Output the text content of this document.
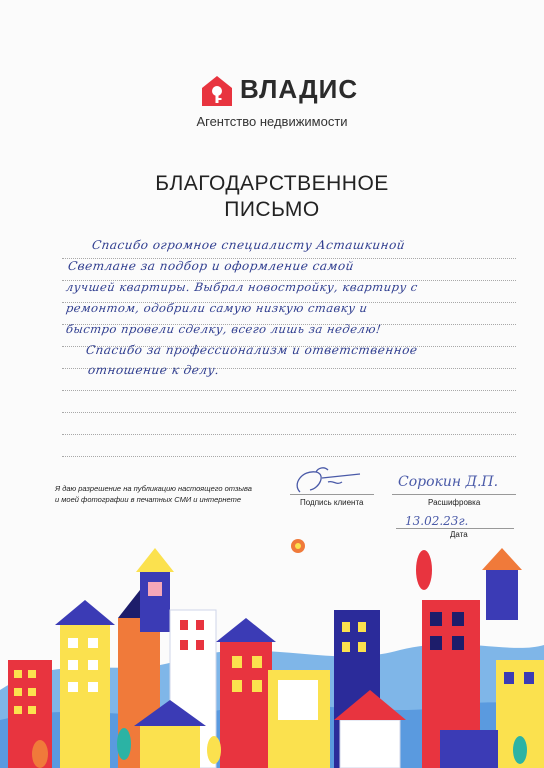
ВЛАДИС
Агентство недвижимости
БЛАГОДАРСТВЕННОЕ
ПИСЬМО
Спасибо огромное специалисту Асташкиной
Светлане за подбор и оформление самой
лучшей квартиры. Выбрал новостройку, квартиру с
ремонтом, одобрили самую низкую ставку и
быстро провели сделку, всего лишь за неделю!
Спасибо за профессионализм и ответственное
отношение к делу.
Я даю разрешение на публикацию настоящего отзыва
и моей фотографии в печатных СМИ и интернете	Подпись клиента	Расшифровка
Сорокин Д.П.
13.02.23г.
Дата
